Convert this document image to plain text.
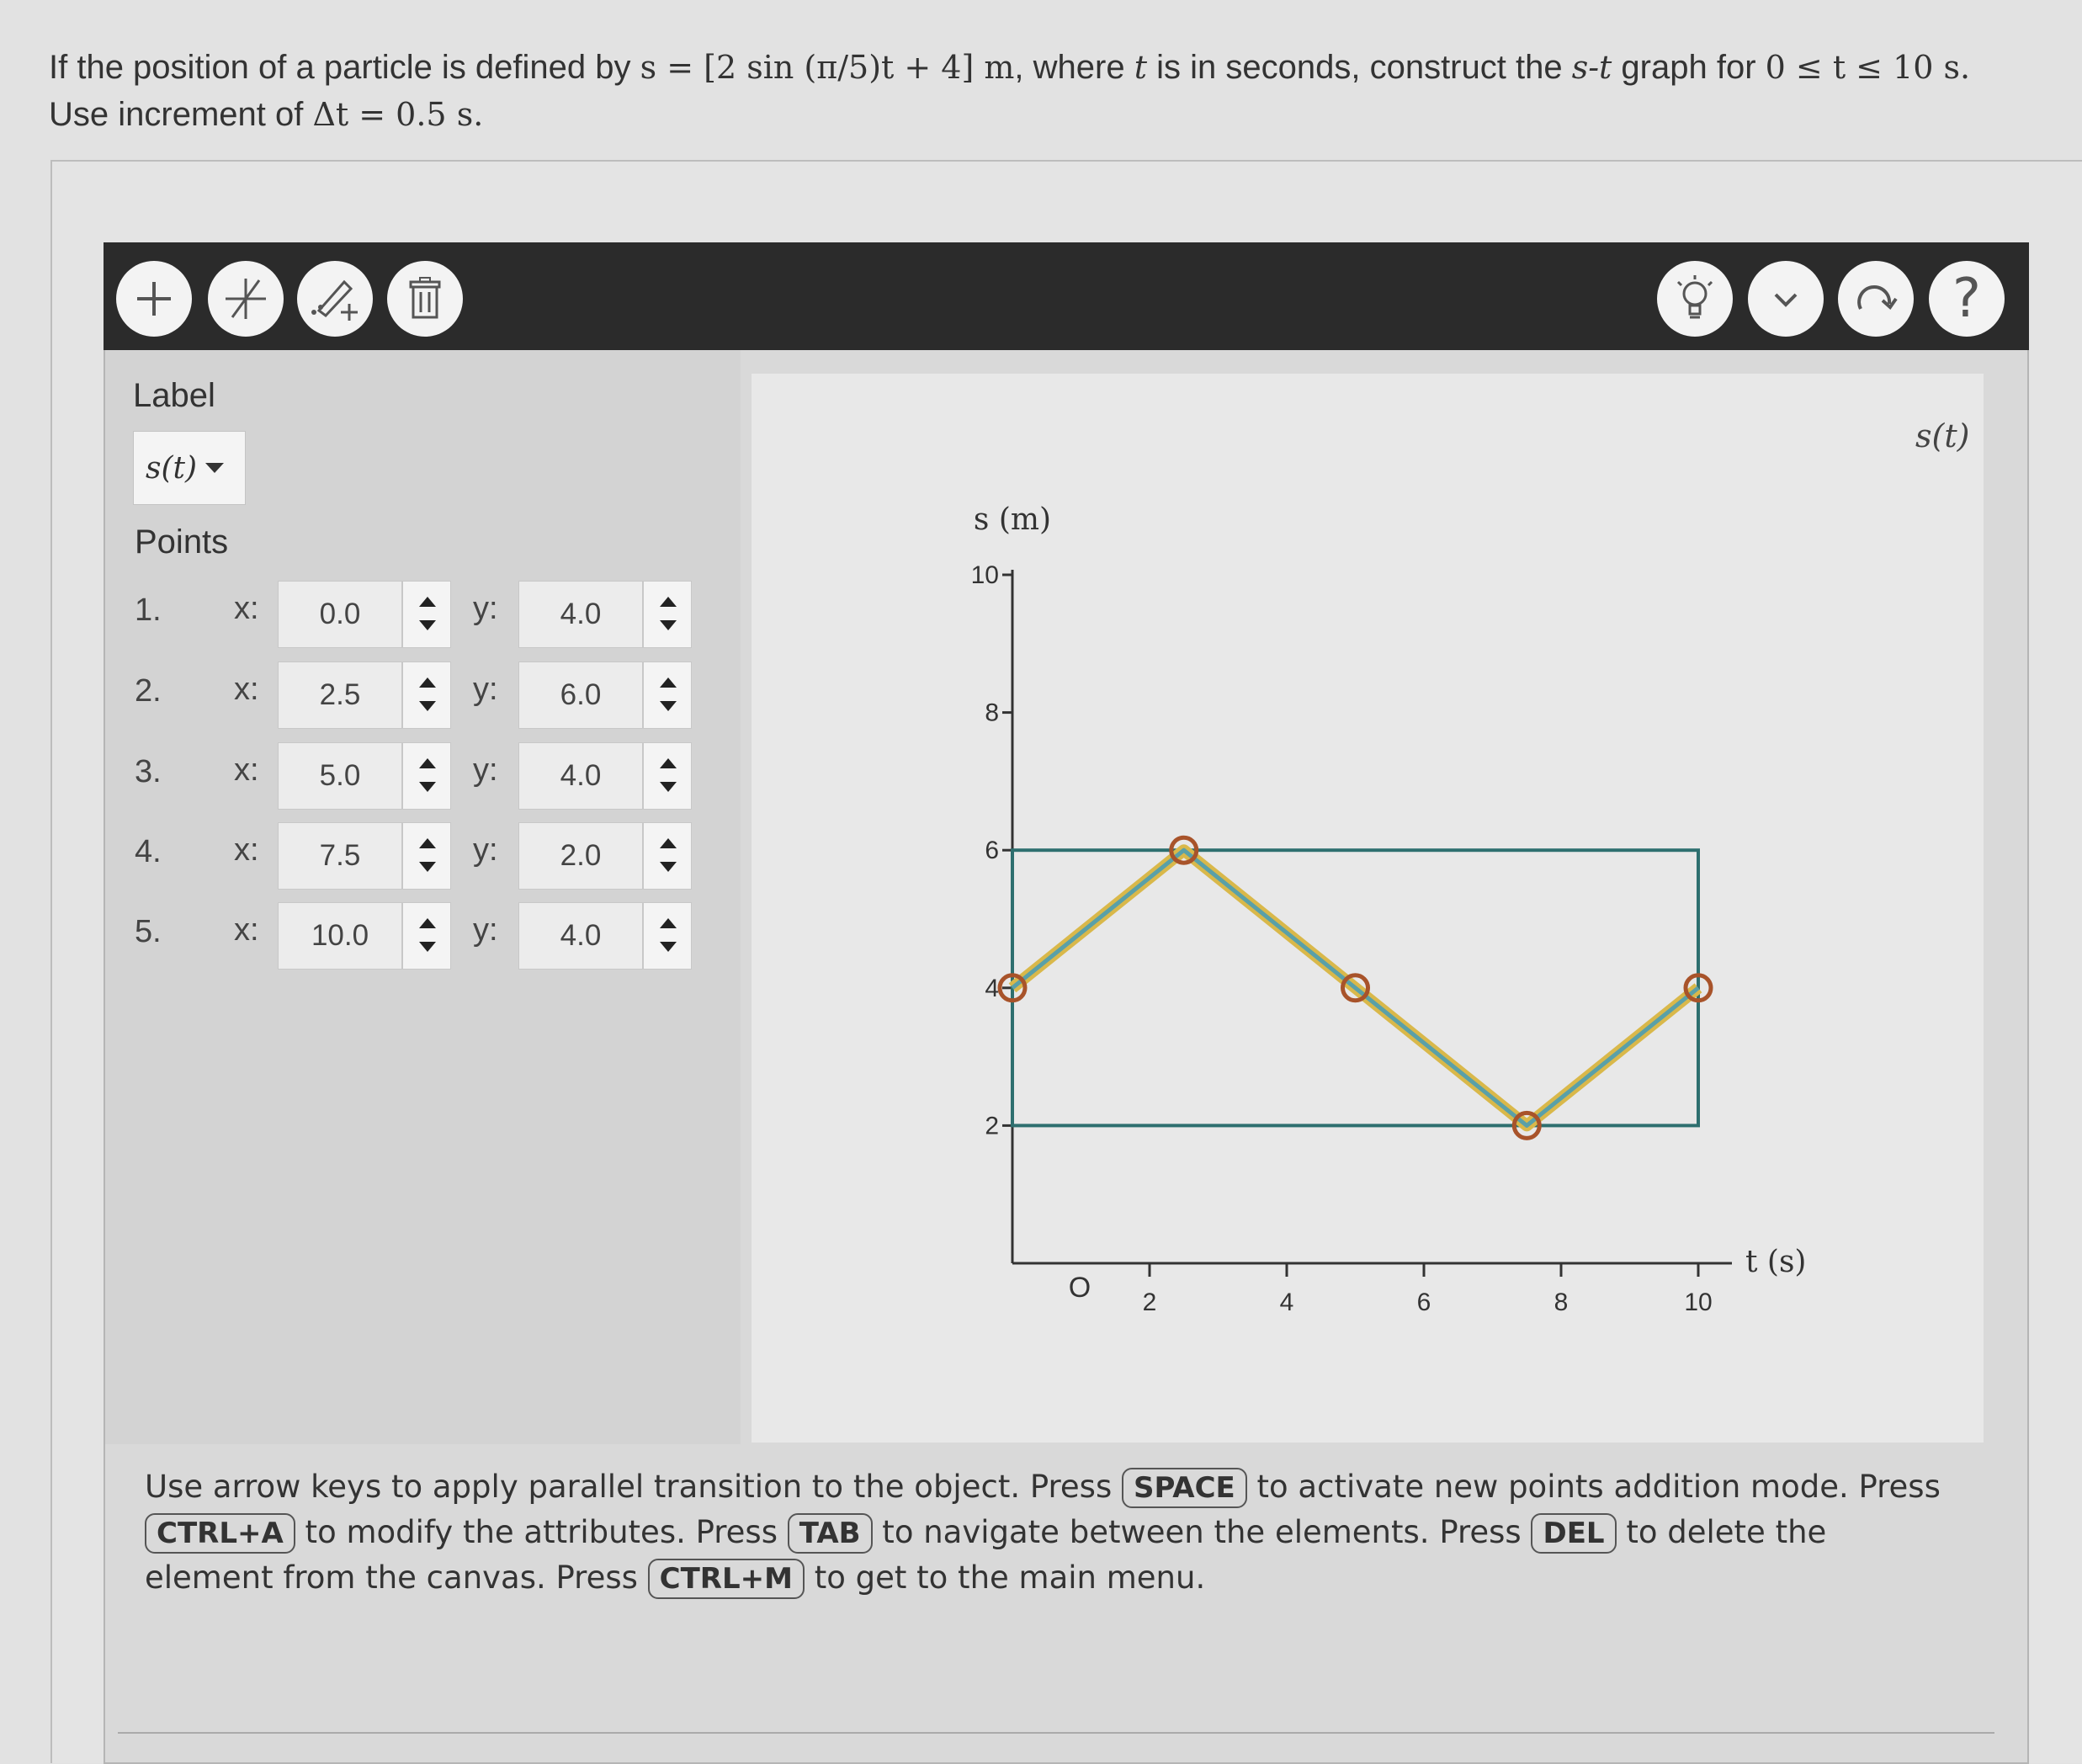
If the position of a particle is defined by s = [2 sin (π/5)t + 4] m, where t is in seconds, construct the s-t graph for 0 ≤ t ≤ 10 s.
Use increment of Δt = 0.5 s.
?
Label
s(t)
Points
1. x:	0.0	y:	4.0
2. x:	2.5	y:	6.0
3. x:	5.0	y:	4.0
4. x:	7.5	y:	2.0
5. x:	10.0	y:	4.0
2
4
6
8
10
2	4	6	8	10
O
s (m)
t (s)
s(t)
Use arrow keys to apply parallel transition to the object. Press SPACE to activate new points addition mode. Press CTRL+A to modify the attributes. Press TAB to navigate between the elements. Press DEL to delete the element from the canvas. Press CTRL+M to get to the main menu.
